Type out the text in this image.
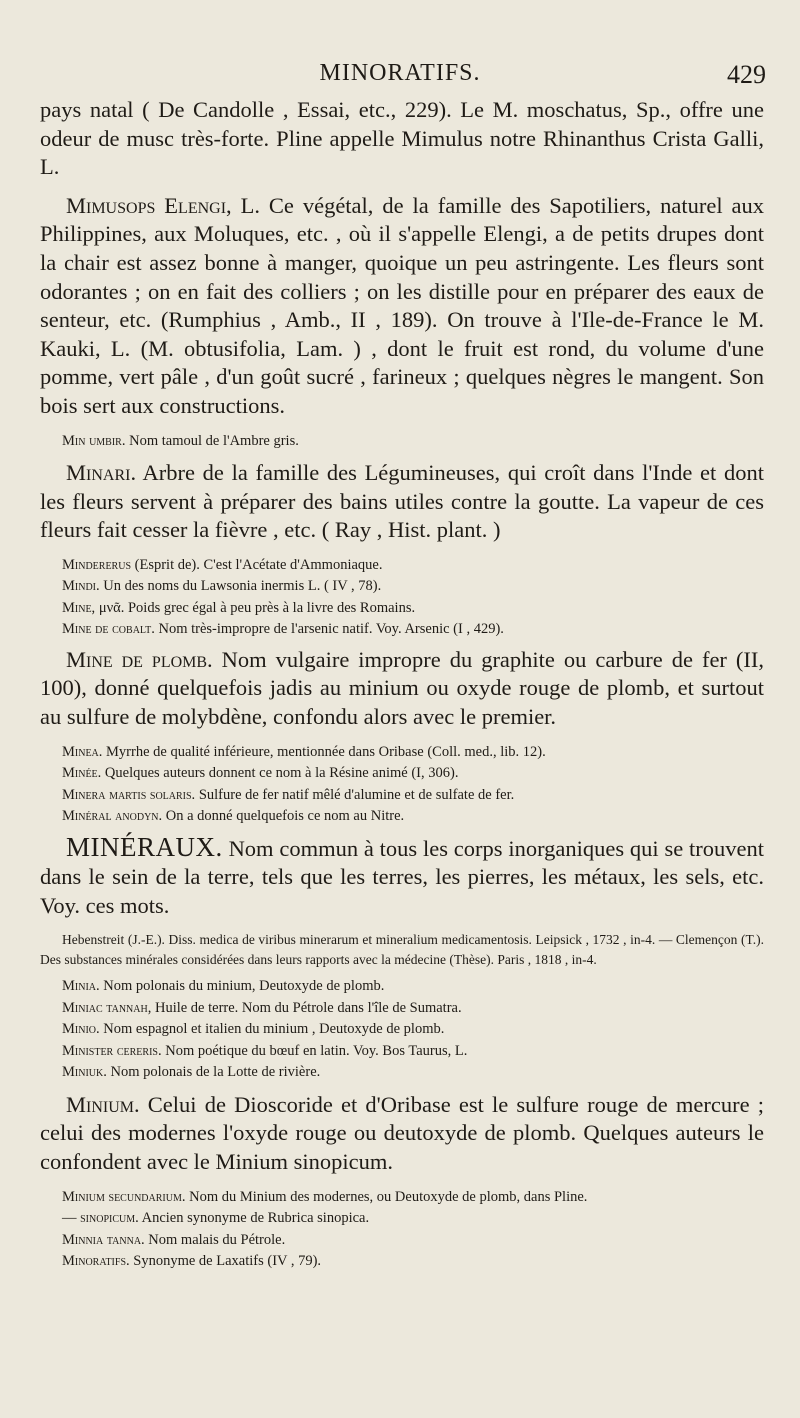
MINORATIFS.	429

pays natal ( De Candolle , Essai, etc., 229). Le M. moschatus, Sp., offre une odeur de musc très-forte. Pline appelle Mimulus notre Rhinanthus Crista Galli, L.

Mimusops Elengi, L. Ce végétal, de la famille des Sapotiliers, naturel aux Philippines, aux Moluques, etc. , où il s'appelle Elengi, a de petits drupes dont la chair est assez bonne à manger, quoique un peu astringente. Les fleurs sont odorantes ; on en fait des colliers ; on les distille pour en préparer des eaux de senteur, etc. (Rumphius , Amb., II , 189). On trouve à l'Ile-de-France le M. Kauki, L. (M. obtusifolia, Lam. ) , dont le fruit est rond, du volume d'une pomme, vert pâle , d'un goût sucré , farineux ; quelques nègres le mangent. Son bois sert aux constructions.

Min umbir. Nom tamoul de l'Ambre gris.

Minari. Arbre de la famille des Légumineuses, qui croît dans l'Inde et dont les fleurs servent à préparer des bains utiles contre la goutte. La vapeur de ces fleurs fait cesser la fièvre , etc. ( Ray , Hist. plant. )

Mindererus (Esprit de). C'est l'Acétate d'Ammoniaque.

Mindi. Un des noms du Lawsonia inermis L. ( IV , 78).

Mine, μνᾶ. Poids grec égal à peu près à la livre des Romains.

Mine de cobalt. Nom très-impropre de l'arsenic natif. Voy. Arsenic (I , 429).

Mine de plomb. Nom vulgaire impropre du graphite ou carbure de fer (II, 100), donné quelquefois jadis au minium ou oxyde rouge de plomb, et surtout au sulfure de molybdène, confondu alors avec le premier.

Minea. Myrrhe de qualité inférieure, mentionnée dans Oribase (Coll. med., lib. 12).

Minée. Quelques auteurs donnent ce nom à la Résine animé (I, 306).

Minera martis solaris. Sulfure de fer natif mêlé d'alumine et de sulfate de fer.

Minéral anodyn. On a donné quelquefois ce nom au Nitre.

MINÉRAUX. Nom commun à tous les corps inorganiques qui se trouvent dans le sein de la terre, tels que les terres, les pierres, les métaux, les sels, etc. Voy. ces mots.

Hebenstreit (J.-E.). Diss. medica de viribus minerarum et mineralium medicamentosis. Leipsick , 1732 , in-4. — Clemençon (T.). Des substances minérales considérées dans leurs rapports avec la médecine (Thèse). Paris , 1818 , in-4.

Minia. Nom polonais du minium, Deutoxyde de plomb.

Miniac tannah, Huile de terre. Nom du Pétrole dans l'île de Sumatra.

Minio. Nom espagnol et italien du minium , Deutoxyde de plomb.

Minister cereris. Nom poétique du bœuf en latin. Voy. Bos Taurus, L.

Miniuk. Nom polonais de la Lotte de rivière.

Minium. Celui de Dioscoride et d'Oribase est le sulfure rouge de mercure ; celui des modernes l'oxyde rouge ou deutoxyde de plomb. Quelques auteurs le confondent avec le Minium sinopicum.

Minium secundarium. Nom du Minium des modernes, ou Deutoxyde de plomb, dans Pline.

— sinopicum. Ancien synonyme de Rubrica sinopica.

Minnia tanna. Nom malais du Pétrole.

Minoratifs. Synonyme de Laxatifs (IV , 79).
